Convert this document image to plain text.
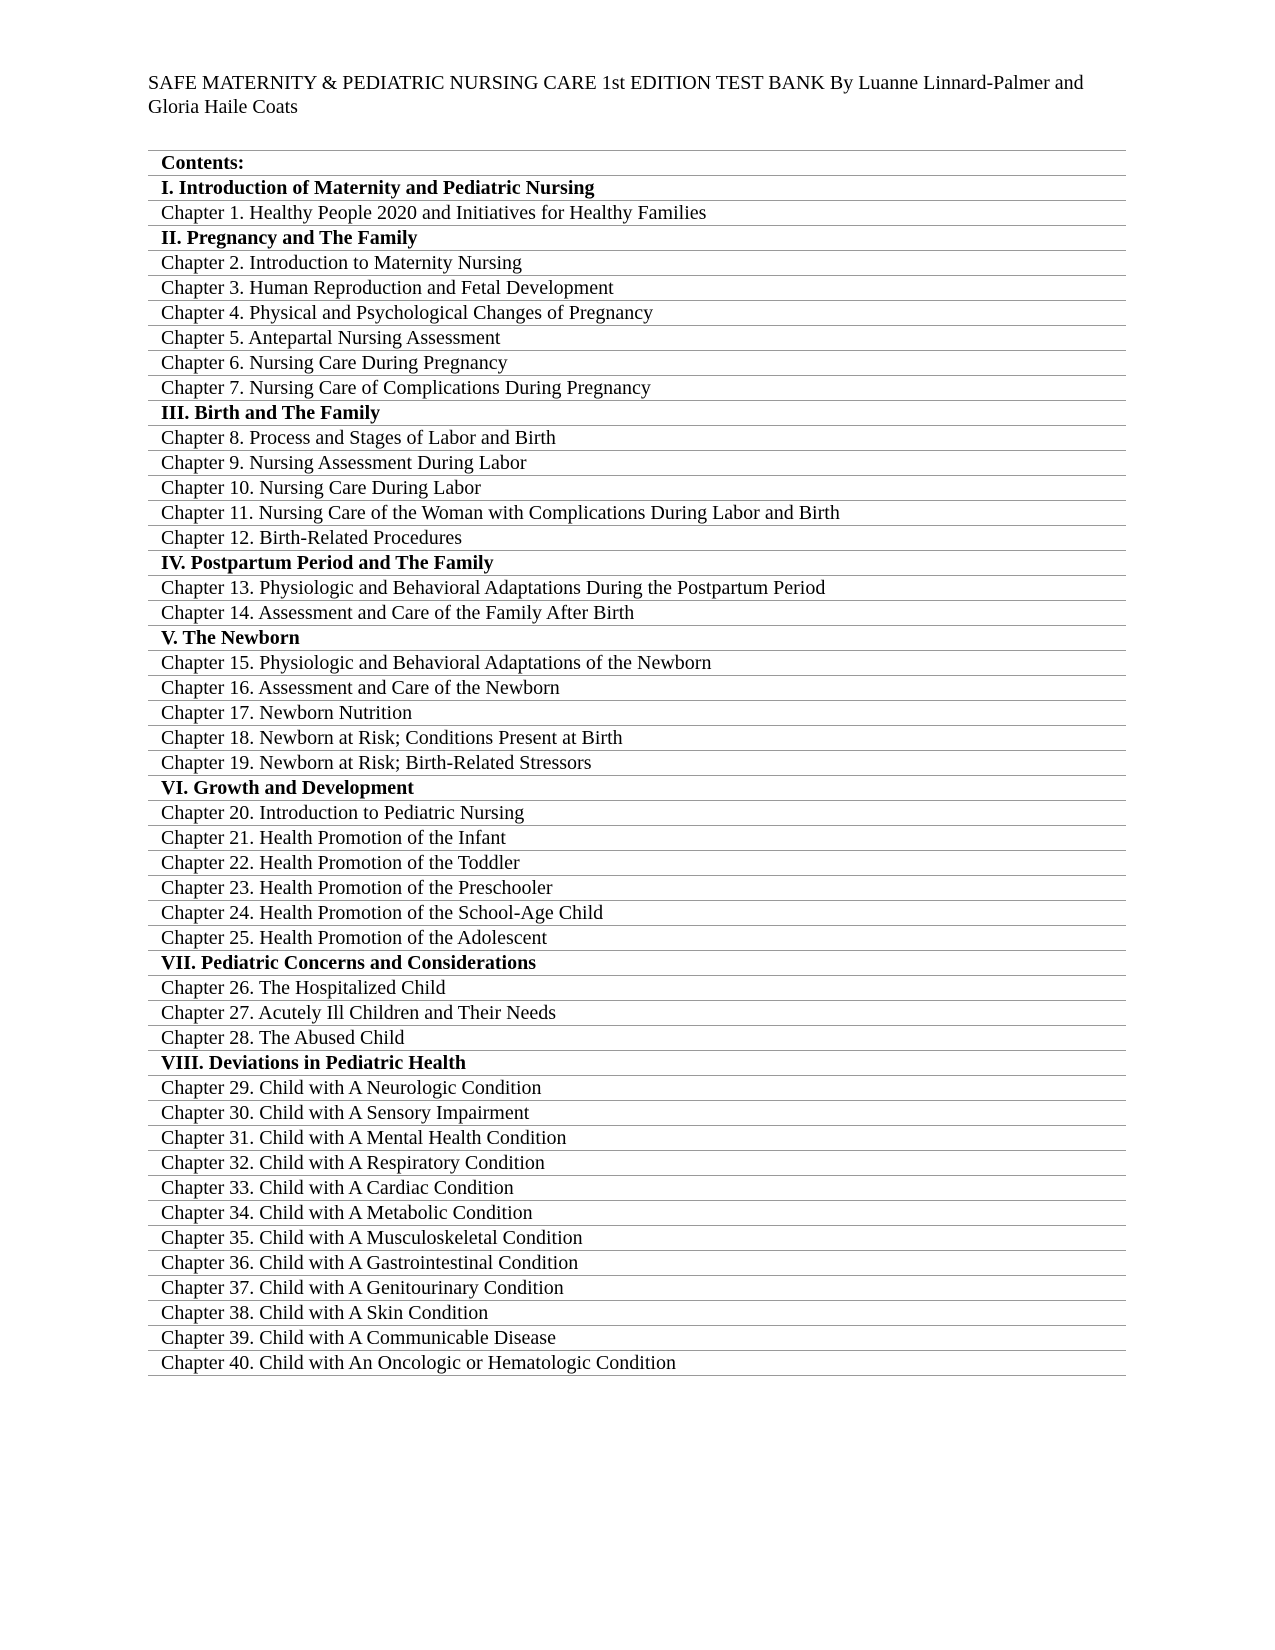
SAFE MATERNITY & PEDIATRIC NURSING CARE 1st EDITION TEST BANK By Luanne Linnard-Palmer and Gloria Haile Coats
Contents:
I. Introduction of Maternity and Pediatric Nursing
Chapter 1. Healthy People 2020 and Initiatives for Healthy Families
II. Pregnancy and The Family
Chapter 2. Introduction to Maternity Nursing
Chapter 3. Human Reproduction and Fetal Development
Chapter 4. Physical and Psychological Changes of Pregnancy
Chapter 5. Antepartal Nursing Assessment
Chapter 6. Nursing Care During Pregnancy
Chapter 7. Nursing Care of Complications During Pregnancy
III. Birth and The Family
Chapter 8. Process and Stages of Labor and Birth
Chapter 9. Nursing Assessment During Labor
Chapter 10. Nursing Care During Labor
Chapter 11. Nursing Care of the Woman with Complications During Labor and Birth
Chapter 12. Birth-Related Procedures
IV. Postpartum Period and The Family
Chapter 13. Physiologic and Behavioral Adaptations During the Postpartum Period
Chapter 14. Assessment and Care of the Family After Birth
V. The Newborn
Chapter 15. Physiologic and Behavioral Adaptations of the Newborn
Chapter 16. Assessment and Care of the Newborn
Chapter 17. Newborn Nutrition
Chapter 18. Newborn at Risk; Conditions Present at Birth
Chapter 19. Newborn at Risk; Birth-Related Stressors
VI. Growth and Development
Chapter 20. Introduction to Pediatric Nursing
Chapter 21. Health Promotion of the Infant
Chapter 22. Health Promotion of the Toddler
Chapter 23. Health Promotion of the Preschooler
Chapter 24. Health Promotion of the School-Age Child
Chapter 25. Health Promotion of the Adolescent
VII. Pediatric Concerns and Considerations
Chapter 26. The Hospitalized Child
Chapter 27. Acutely Ill Children and Their Needs
Chapter 28. The Abused Child
VIII. Deviations in Pediatric Health
Chapter 29. Child with A Neurologic Condition
Chapter 30. Child with A Sensory Impairment
Chapter 31. Child with A Mental Health Condition
Chapter 32. Child with A Respiratory Condition
Chapter 33. Child with A Cardiac Condition
Chapter 34. Child with A Metabolic Condition
Chapter 35. Child with A Musculoskeletal Condition
Chapter 36. Child with A Gastrointestinal Condition
Chapter 37. Child with A Genitourinary Condition
Chapter 38. Child with A Skin Condition
Chapter 39. Child with A Communicable Disease
Chapter 40. Child with An Oncologic or Hematologic Condition
